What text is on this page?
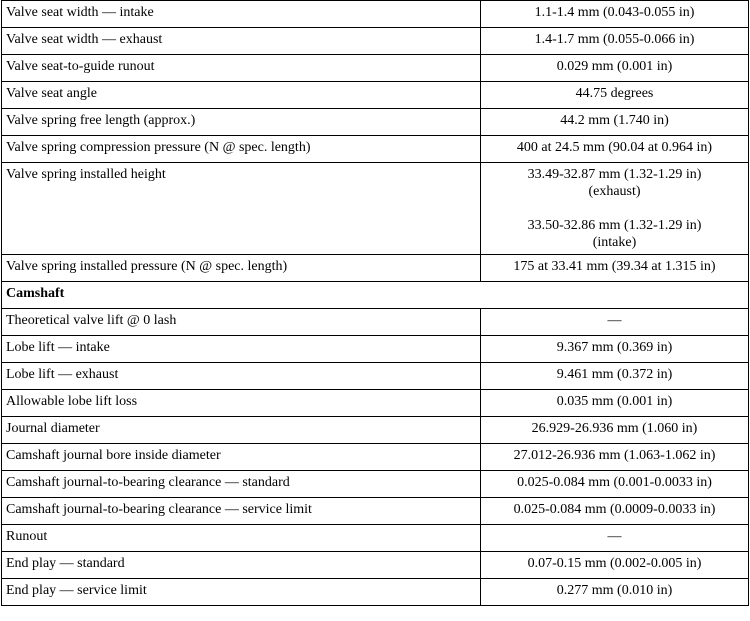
Valve seat width — intake	1.1-1.4 mm (0.043-0.055 in)
Valve seat width — exhaust	1.4-1.7 mm (0.055-0.066 in)
Valve seat-to-guide runout	0.029 mm (0.001 in)
Valve seat angle	44.75 degrees
Valve spring free length (approx.)	44.2 mm (1.740 in)
Valve spring compression pressure (N @ spec. length)	400 at 24.5 mm (90.04 at 0.964 in)
Valve spring installed height	33.49-32.87 mm (1.32-1.29 in)
(exhaust)
33.50-32.86 mm (1.32-1.29 in)
(intake)

Valve spring installed pressure (N @ spec. length)	175 at 33.41 mm (39.34 at 1.315 in)
Camshaft	
Theoretical valve lift @ 0 lash	—
Lobe lift — intake	9.367 mm (0.369 in)
Lobe lift — exhaust	9.461 mm (0.372 in)
Allowable lobe lift loss	0.035 mm (0.001 in)
Journal diameter	26.929-26.936 mm (1.060 in)
Camshaft journal bore inside diameter	27.012-26.936 mm (1.063-1.062 in)
Camshaft journal-to-bearing clearance — standard	0.025-0.084 mm (0.001-0.0033 in)
Camshaft journal-to-bearing clearance — service limit	0.025-0.084 mm (0.0009-0.0033 in)
Runout	—
End play — standard	0.07-0.15 mm (0.002-0.005 in)
End play — service limit	0.277 mm (0.010 in)
